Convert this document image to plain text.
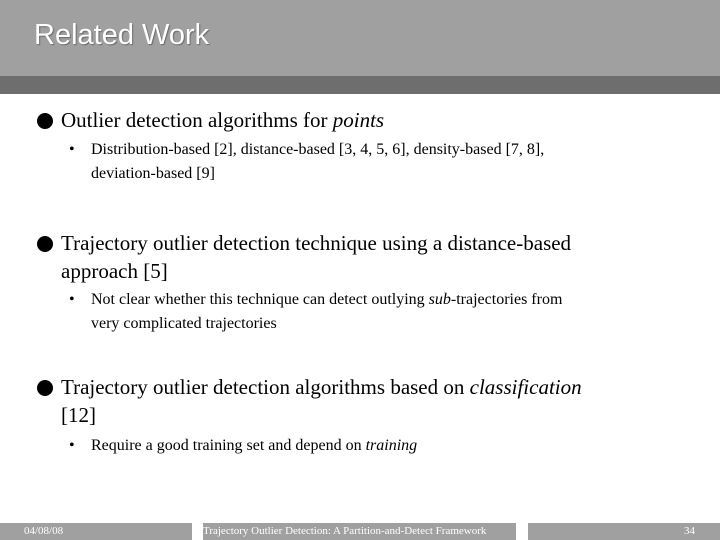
Related Work
Outlier detection algorithms for points
• Distribution-based [2], distance-based [3, 4, 5, 6], density-based [7, 8],
deviation-based [9]
Trajectory outlier detection technique using a distance-based
approach [5]
• Not clear whether this technique can detect outlying sub-trajectories from
very complicated trajectories
Trajectory outlier detection algorithms based on classification
[12]
• Require a good training set and depend on training
04/08/08	Trajectory Outlier Detection: A Partition-and-Detect Framework	34
